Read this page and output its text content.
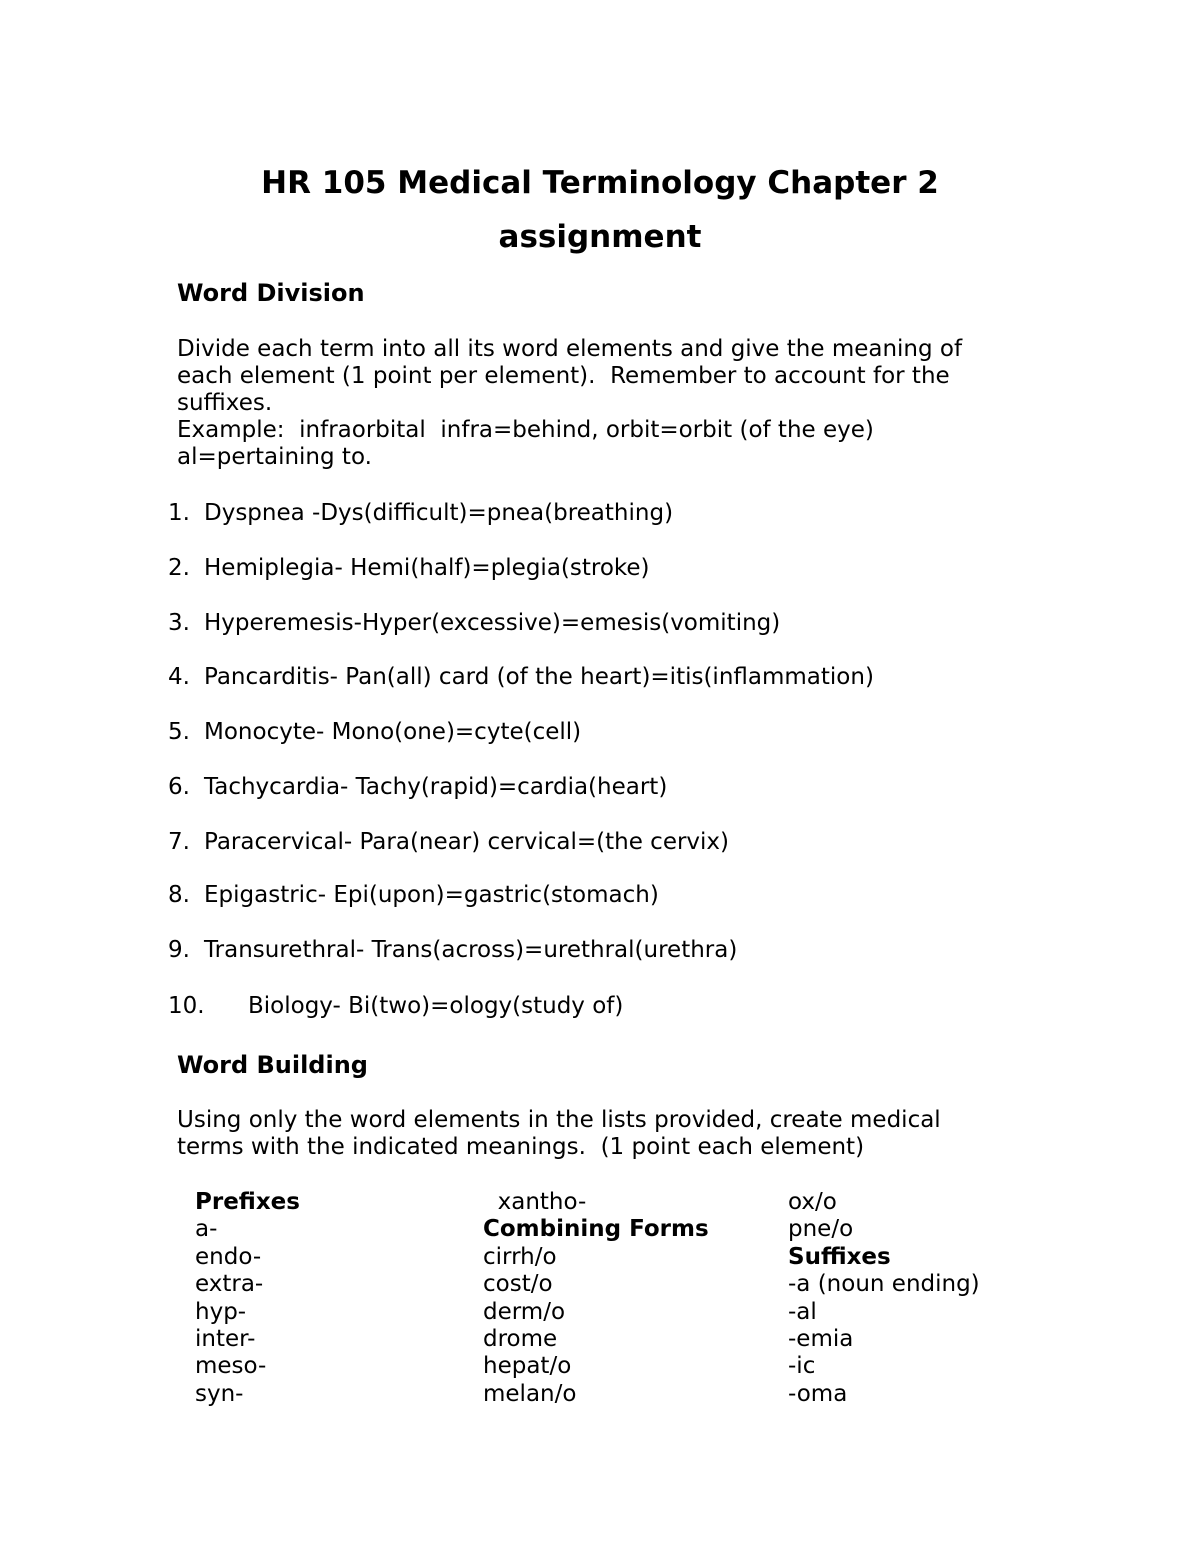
HR 105 Medical Terminology Chapter 2
assignment
Word Division
Divide each term into all its word elements and give the meaning of
each element (1 point per element).  Remember to account for the
suffixes.
Example:  infraorbital  infra=behind, orbit=orbit (of the eye)
al=pertaining to.

1.

Dyspnea -Dys(difficult)=pnea(breathing)

2.

Hemiplegia- Hemi(half)=plegia(stroke)

3.

Hyperemesis-Hyper(excessive)=emesis(vomiting)

4.

Pancarditis- Pan(all) card (of the heart)=itis(inflammation)

5.

Monocyte- Mono(one)=cyte(cell)

6.

Tachycardia- Tachy(rapid)=cardia(heart)

7.

Paracervical- Para(near) cervical=(the cervix)

8.

Epigastric- Epi(upon)=gastric(stomach)

9.

Transurethral- Trans(across)=urethral(urethra)

10.

Biology- Bi(two)=ology(study of)

Word Building
Using only the word elements in the lists provided, create medical
terms with the indicated meanings.  (1 point each element)
Prefixes
a-
endo-
extra-
hyp-
inter-
meso-
syn-
xantho-
Combining Forms
cirrh/o
cost/o
derm/o
drome
hepat/o
melan/o
ox/o
pne/o
Suffixes
-a (noun ending)
-al
-emia
-ic
-oma
